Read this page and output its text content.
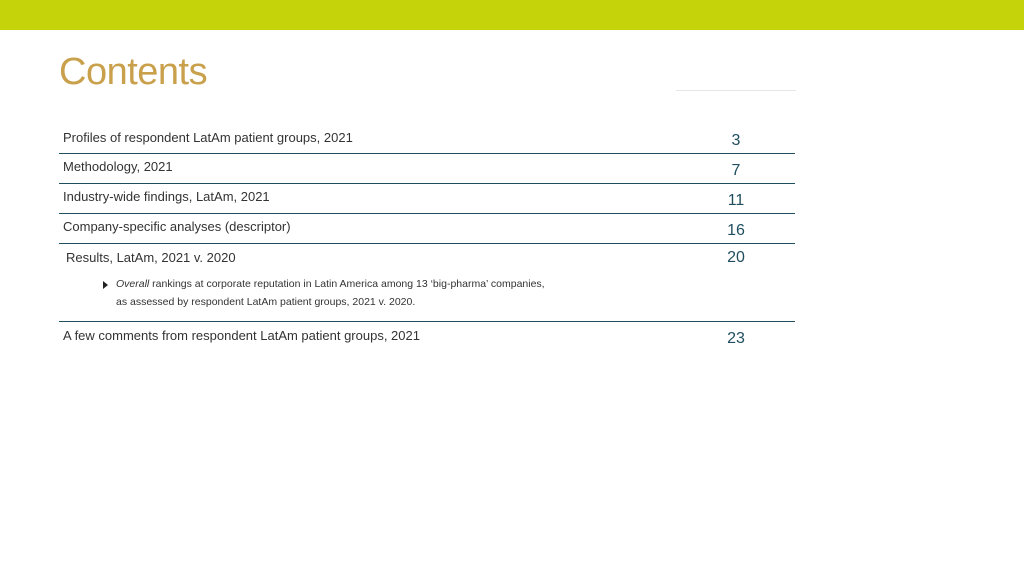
Contents
Profiles of respondent LatAm patient groups, 2021	3
Methodology, 2021	7
Industry-wide findings, LatAm, 2021	11
Company-specific analyses (descriptor)	16
Results, LatAm, 2021 v. 2020	20
Overall rankings at corporate reputation in Latin America among 13 ‘big-pharma’ companies,
as assessed by respondent LatAm patient groups, 2021 v. 2020.
A few comments from respondent LatAm patient groups, 2021	23
